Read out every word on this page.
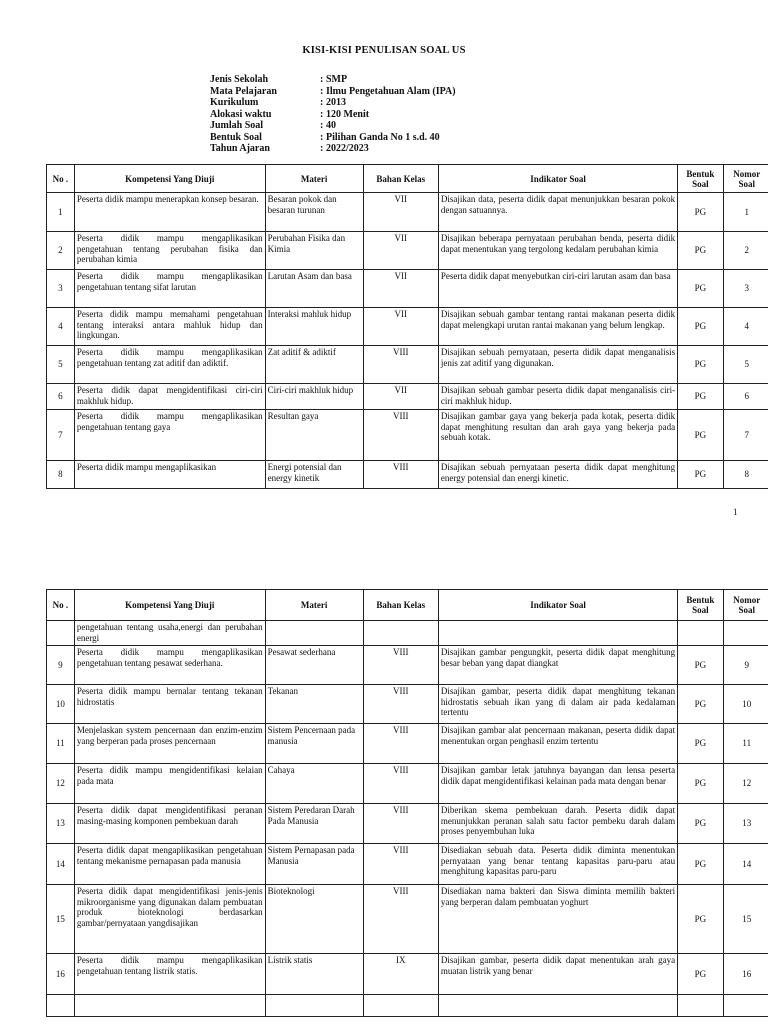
KISI-KISI PENULISAN SOAL US
Jenis Sekolah	: SMP
Mata Pelajaran	: Ilmu Pengetahuan Alam (IPA)
Kurikulum	: 2013
Alokasi waktu	: 120 Menit
Jumlah Soal	: 40
Bentuk Soal	: Pilihan Ganda No 1 s.d. 40
Tahun Ajaran	: 2022/2023
No .	Kompetensi Yang Diuji	Materi	Bahan Kelas	Indikator Soal	Bentuk Soal	Nomor Soal
1	Peserta didik mampu menerapkan konsep besaran.	Besaran pokok dan besaran turunan	VII	Disajikan data, peserta didik dapat menunjukkan besaran pokok dengan satuannya.	PG	1
2	Peserta didik mampu mengaplikasikan pengetahuan tentang perubahan fisika dan perubahan kimia	Perubahan Fisika dan Kimia	VII	Disajikan beberapa pernyataan perubahan benda, peserta didik dapat menentukan yang tergolong kedalam perubahan kimia	PG	2
3	Peserta didik mampu mengaplikasikan pengetahuan tentang sifat larutan	Larutan Asam dan basa	VII	Peserta didik dapat menyebutkan ciri-ciri larutan asam dan basa	PG	3
4	Peserta didik mampu memahami pengetahuan tentang interaksi antara mahluk hidup dan lingkungan.	Interaksi mahluk hidup	VII	Disajikan sebuah gambar tentang rantai makanan peserta didik dapat melengkapi urutan rantai makanan yang belum lengkap.	PG	4
5	Peserta didik mampu mengaplikasikan pengetahuan tentang zat aditif dan adiktif.	Zat aditif & adiktif	VIII	Disajikan sebuah pernyataan, peserta didik dapat menganalisis jenis zat aditif yang digunakan.	PG	5
6	Peserta didik dapat mengidentifikasi ciri-ciri makhluk hidup.	Ciri-ciri makhluk hidup	VII	Disajikan sebuah gambar peserta didik dapat menganalisis ciri-ciri makhluk hidup.	PG	6
7	Peserta didik mampu mengaplikasikan pengetahuan tentang gaya	Resultan gaya	VIII	Disajikan gambar gaya yang bekerja pada kotak, peserta didik dapat menghitung resultan dan arah gaya yang bekerja pada sebuah kotak.	PG	7
8	Peserta didik mampu mengaplikasikan	Energi potensial dan energy kinetik	VIII	Disajikan sebuah pernyataan peserta didik dapat menghitung energy potensial dan energi kinetic.	PG	8
1
No .	Kompetensi Yang Diuji	Materi	Bahan Kelas	Indikator Soal	Bentuk Soal	Nomor Soal
	pengetahuan tentang usaha,energi dan perubahan energi					
9	Peserta didik mampu mengaplikasikan pengetahuan tentang pesawat sederhana.	Pesawat sederhana	VIII	Disajikan gambar pengungkit, peserta didik dapat menghitung besar beban yang dapat diangkat	PG	9
10	Peserta didik mampu bernalar tentang tekanan hidrostatis	Tekanan	VIII	Disajikan gambar, peserta didik dapat menghitung tekanan hidrostatis sebuah ikan yang di dalam air pada kedalaman tertentu	PG	10
11	Menjelaskan system pencernaan dan enzim-enzim yang berperan pada proses pencernaan	Sistem Pencernaan pada manusia	VIII	Disajikan gambar alat pencernaan makanan, peserta didik dapat menentukan organ penghasil enzim tertentu	PG	11
12	Peserta didik mampu mengidentifikasi kelaian pada mata	Cahaya	VIII	Disajikan gambar letak jatuhnya bayangan dan lensa peserta didik dapat mengidentifikasi kelainan pada mata dengan benar	PG	12
13	Peserta didik dapat mengidentifikasi peranan masing-masing komponen pembekuan darah	Sistem Peredaran Darah Pada Manusia	VIII	Diberikan skema pembekuan darah. Peserta didik dapat menunjukkan peranan salah satu factor pembeku darah dalam proses penyembuhan luka	PG	13
14	Peserta didik dapat mengaplikasikan pengetahuan tentang mekanisme pernapasan pada manusia	Sistem Pernapasan pada Manusia	VIII	Disediakan sebuah data. Peserta didik diminta menentukan pernyataan yang benar tentang kapasitas paru-paru atau menghitung kapasitas paru-paru	PG	14
15	Peserta didik dapat mengidentifikasi jenis-jenis mikroorganisme yang digunakan dalam pembuatan produk bioteknologi berdasarkan gambar/pernyataan yangdisajikan	Bioteknologi	VIII	Disediakan nama bakteri dan Siswa diminta memilih bakteri yang berperan dalam pembuatan yoghurt	PG	15
16	Peserta didik mampu mengaplikasikan pengetahuan tentang listrik statis.	Listrik statis	IX	Disajikan gambar, peserta didik dapat menentukan arah gaya muatan listrik yang benar	PG	16
